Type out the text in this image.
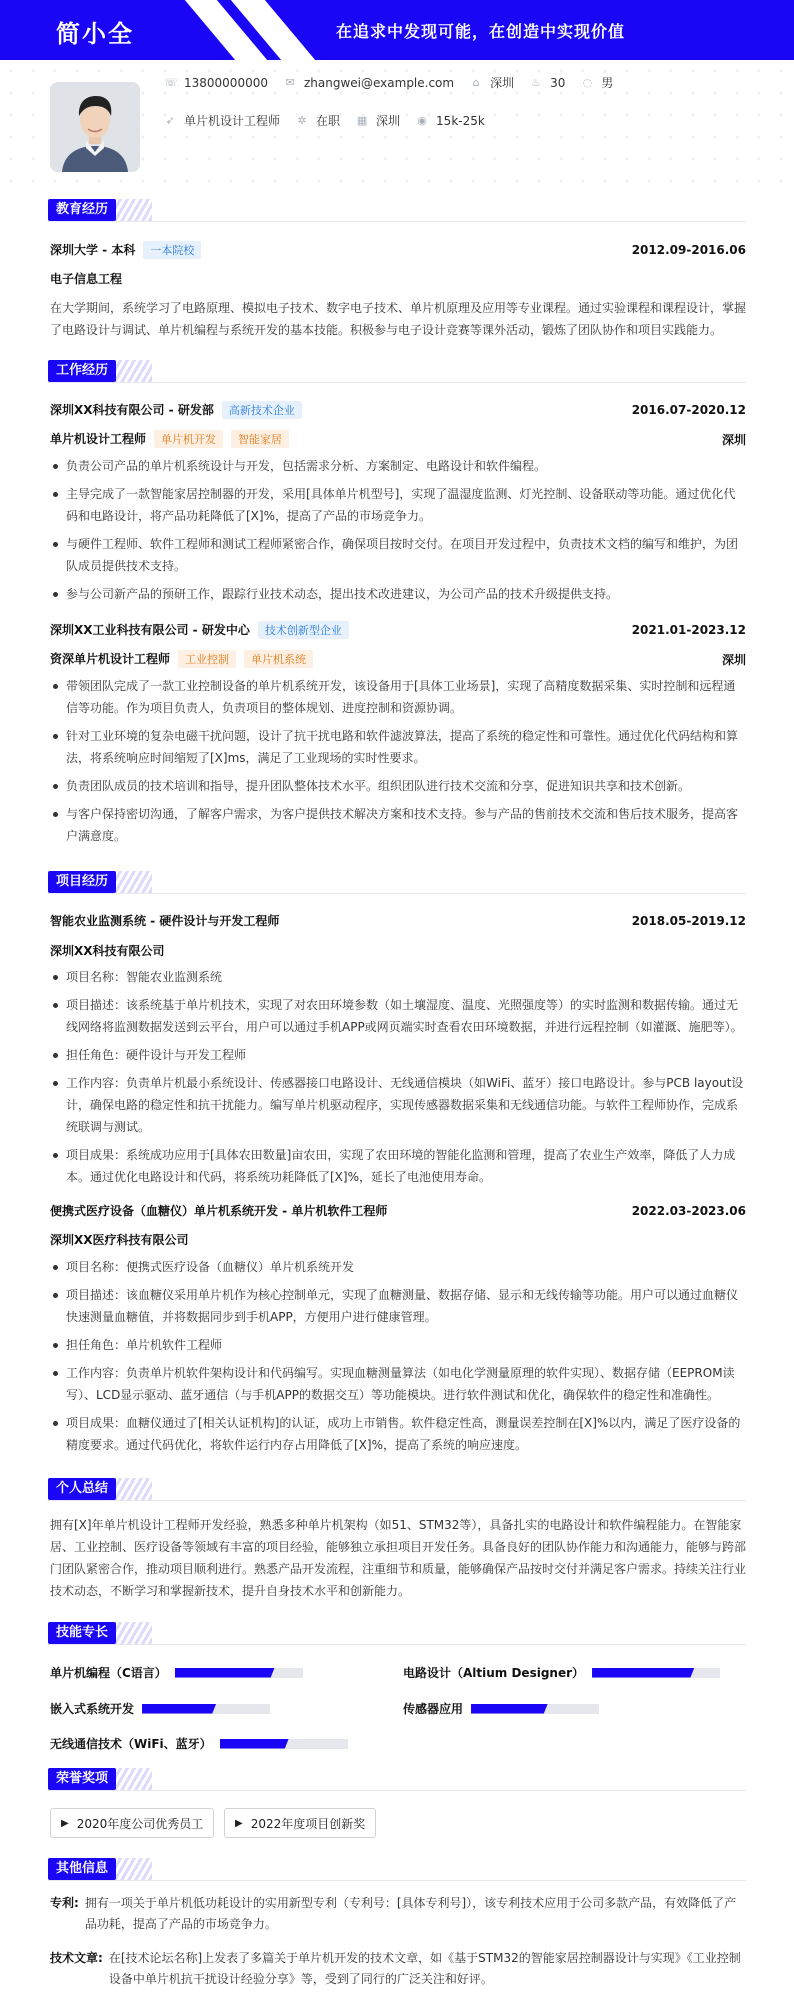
简小全	在追求中发现可能，在创造中实现价值
☏ 13800000000 ✉ zhangwei@example.com ⌂ 深圳 ♨ 30 ◌ 男
➶ 单片机设计工程师 ✲ 在职 ▦ 深圳 ◉ 15k-25k
教育经历
深圳大学 - 本科 一本院校	2012.09-2016.06
电子信息工程
在大学期间，系统学习了电路原理、模拟电子技术、数字电子技术、单片机原理及应用等专业课程。通过实验课程和课程设计，掌握了电路设计与调试、单片机编程与系统开发的基本技能。积极参与电子设计竞赛等课外活动，锻炼了团队协作和项目实践能力。
工作经历
深圳XX科技有限公司 - 研发部 高新技术企业	2016.07-2020.12
单片机设计工程师 单片机开发 智能家居	深圳
负责公司产品的单片机系统设计与开发，包括需求分析、方案制定、电路设计和软件编程。
主导完成了一款智能家居控制器的开发，采用[具体单片机型号]，实现了温湿度监测、灯光控制、设备联动等功能。通过优化代码和电路设计，将产品功耗降低了[X]%，提高了产品的市场竞争力。
与硬件工程师、软件工程师和测试工程师紧密合作，确保项目按时交付。在项目开发过程中，负责技术文档的编写和维护，为团队成员提供技术支持。
参与公司新产品的预研工作，跟踪行业技术动态，提出技术改进建议，为公司产品的技术升级提供支持。
深圳XX工业科技有限公司 - 研发中心 技术创新型企业	2021.01-2023.12
资深单片机设计工程师 工业控制 单片机系统	深圳
带领团队完成了一款工业控制设备的单片机系统开发，该设备用于[具体工业场景]，实现了高精度数据采集、实时控制和远程通信等功能。作为项目负责人，负责项目的整体规划、进度控制和资源协调。
针对工业环境的复杂电磁干扰问题，设计了抗干扰电路和软件滤波算法，提高了系统的稳定性和可靠性。通过优化代码结构和算法，将系统响应时间缩短了[X]ms，满足了工业现场的实时性要求。
负责团队成员的技术培训和指导，提升团队整体技术水平。组织团队进行技术交流和分享，促进知识共享和技术创新。
与客户保持密切沟通，了解客户需求，为客户提供技术解决方案和技术支持。参与产品的售前技术交流和售后技术服务，提高客户满意度。
项目经历
智能农业监测系统 - 硬件设计与开发工程师	2018.05-2019.12
深圳XX科技有限公司
项目名称：智能农业监测系统
项目描述：该系统基于单片机技术，实现了对农田环境参数（如土壤湿度、温度、光照强度等）的实时监测和数据传输。通过无线网络将监测数据发送到云平台，用户可以通过手机APP或网页端实时查看农田环境数据，并进行远程控制（如灌溉、施肥等）。
担任角色：硬件设计与开发工程师
工作内容：负责单片机最小系统设计、传感器接口电路设计、无线通信模块（如WiFi、蓝牙）接口电路设计。参与PCB layout设计，确保电路的稳定性和抗干扰能力。编写单片机驱动程序，实现传感器数据采集和无线通信功能。与软件工程师协作，完成系统联调与测试。
项目成果：系统成功应用于[具体农田数量]亩农田，实现了农田环境的智能化监测和管理，提高了农业生产效率，降低了人力成本。通过优化电路设计和代码，将系统功耗降低了[X]%，延长了电池使用寿命。
便携式医疗设备（血糖仪）单片机系统开发 - 单片机软件工程师	2022.03-2023.06
深圳XX医疗科技有限公司
项目名称：便携式医疗设备（血糖仪）单片机系统开发
项目描述：该血糖仪采用单片机作为核心控制单元，实现了血糖测量、数据存储、显示和无线传输等功能。用户可以通过血糖仪快速测量血糖值，并将数据同步到手机APP，方便用户进行健康管理。
担任角色：单片机软件工程师
工作内容：负责单片机软件架构设计和代码编写。实现血糖测量算法（如电化学测量原理的软件实现）、数据存储（EEPROM读写）、LCD显示驱动、蓝牙通信（与手机APP的数据交互）等功能模块。进行软件测试和优化，确保软件的稳定性和准确性。
项目成果：血糖仪通过了[相关认证机构]的认证，成功上市销售。软件稳定性高，测量误差控制在[X]%以内，满足了医疗设备的精度要求。通过代码优化，将软件运行内存占用降低了[X]%，提高了系统的响应速度。
个人总结
拥有[X]年单片机设计工程师开发经验，熟悉多种单片机架构（如51、STM32等），具备扎实的电路设计和软件编程能力。在智能家居、工业控制、医疗设备等领域有丰富的项目经验，能够独立承担项目开发任务。具备良好的团队协作能力和沟通能力，能够与跨部门团队紧密合作，推动项目顺利进行。熟悉产品开发流程，注重细节和质量，能够确保产品按时交付并满足客户需求。持续关注行业技术动态，不断学习和掌握新技术，提升自身技术水平和创新能力。
技能专长
单片机编程（C语言）	电路设计（Altium Designer）
嵌入式系统开发	传感器应用
无线通信技术（WiFi、蓝牙）
荣誉奖项
▶ 2020年度公司优秀员工	▶ 2022年度项目创新奖
其他信息
专利: 拥有一项关于单片机低功耗设计的实用新型专利（专利号：[具体专利号]），该专利技术应用于公司多款产品，有效降低了产品功耗，提高了产品的市场竞争力。
技术文章: 在[技术论坛名称]上发表了多篇关于单片机开发的技术文章，如《基于STM32的智能家居控制器设计与实现》《工业控制设备中单片机抗干扰设计经验分享》等，受到了同行的广泛关注和好评。
